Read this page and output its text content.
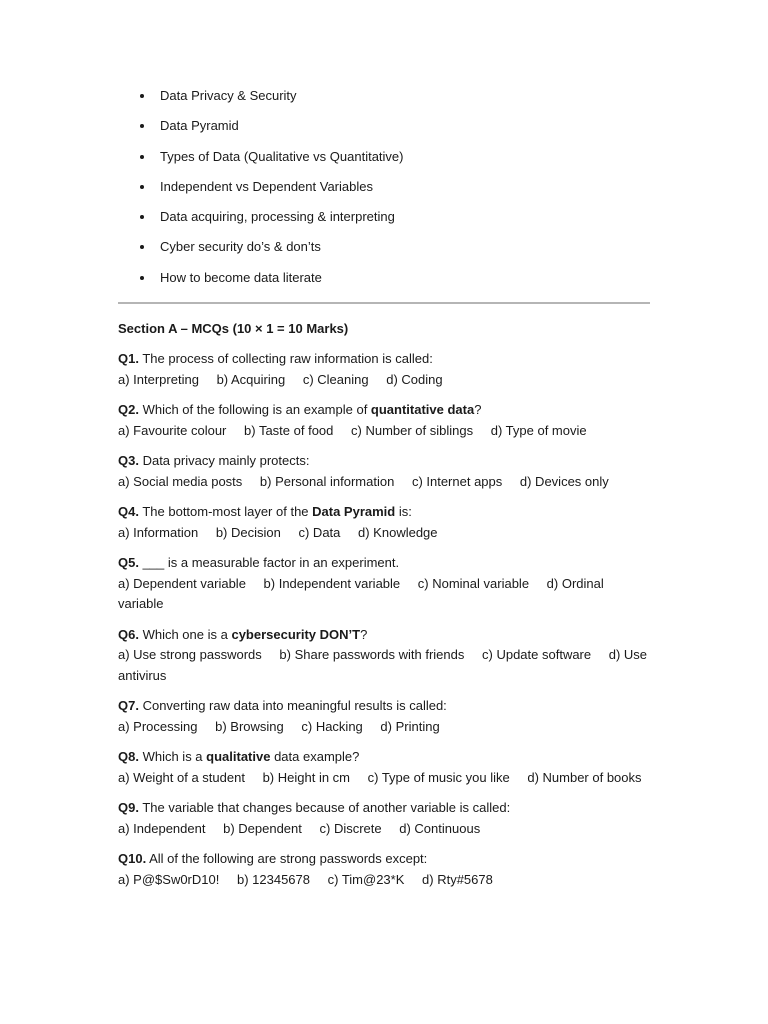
Data Privacy & Security
Data Pyramid
Types of Data (Qualitative vs Quantitative)
Independent vs Dependent Variables
Data acquiring, processing & interpreting
Cyber security do’s & don’ts
How to become data literate
Section A – MCQs (10 × 1 = 10 Marks)
Q1. The process of collecting raw information is called:
a) Interpreting b) Acquiring c) Cleaning d) Coding
Q2. Which of the following is an example of quantitative data?
a) Favourite colour b) Taste of food c) Number of siblings d) Type of movie
Q3. Data privacy mainly protects:
a) Social media posts b) Personal information c) Internet apps d) Devices only
Q4. The bottom-most layer of the Data Pyramid is:
a) Information b) Decision c) Data d) Knowledge
Q5. ___ is a measurable factor in an experiment.
a) Dependent variable b) Independent variable c) Nominal variable d) Ordinal variable
Q6. Which one is a cybersecurity DON’T?
a) Use strong passwords b) Share passwords with friends c) Update software d) Use antivirus
Q7. Converting raw data into meaningful results is called:
a) Processing b) Browsing c) Hacking d) Printing
Q8. Which is a qualitative data example?
a) Weight of a student b) Height in cm c) Type of music you like d) Number of books
Q9. The variable that changes because of another variable is called:
a) Independent b) Dependent c) Discrete d) Continuous
Q10. All of the following are strong passwords except:
a) P@$Sw0rD10! b) 12345678 c) Tim@23*K d) Rty#5678
